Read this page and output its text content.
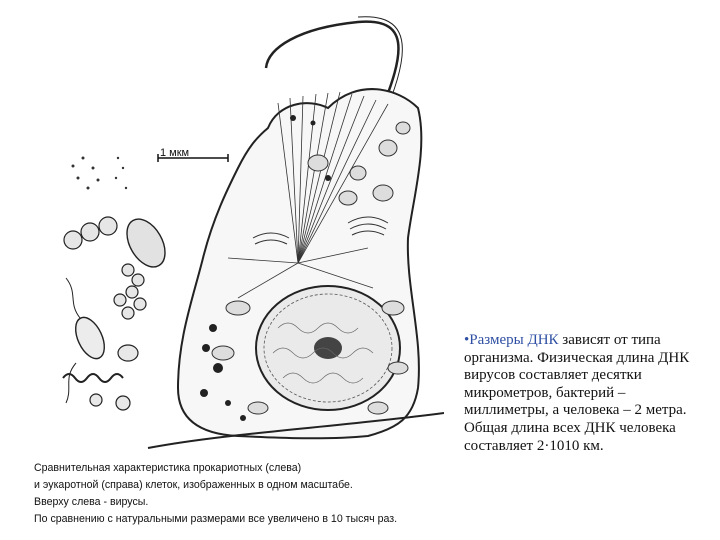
1 мкм
Сравнительная характеристика прокариотных (слева)
и эукаротной (справа) клеток, изображенных в одном масштабе.
Вверху слева - вирусы.
По сравнению с натуральными размерами все увеличено в 10 тысяч раз.
•Размеры ДНК зависят от типа организма. Физическая длина ДНК вирусов составляет десятки микрометров, бактерий – миллиметры, а человека – 2 метра. Общая длина всех ДНК человека составляет 2·1010 км.
